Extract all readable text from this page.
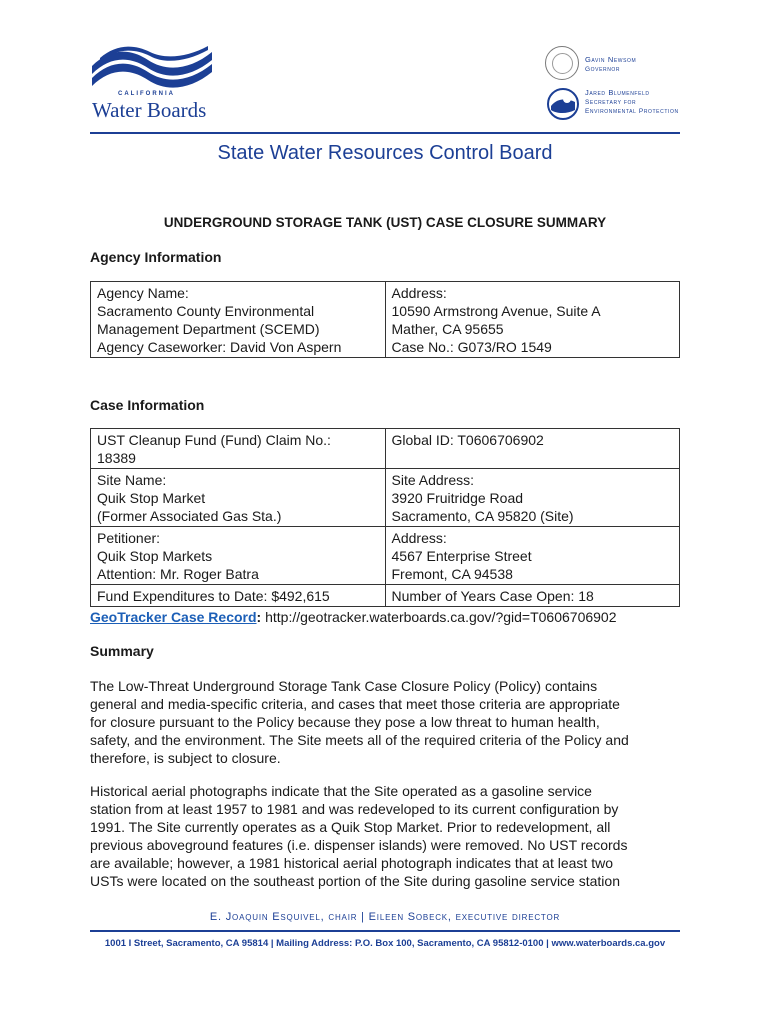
CALIFORNIA
Water Boards
Gavin Newsom
Governor
Jared Blumenfeld
Secretary for Environmental Protection
State Water Resources Control Board
UNDERGROUND STORAGE TANK (UST) CASE CLOSURE SUMMARY
Agency Information
Agency Name:
Sacramento County Environmental
Management Department (SCEMD)
Agency Caseworker: David Von Aspern

Address:
10590 Armstrong Avenue, Suite A
Mather, CA 95655
Case No.: G073/RO 1549
Case Information
UST Cleanup Fund (Fund) Claim No.:
18389	Global ID: T0606706902

Site Name:
Quik Stop Market
(Former Associated Gas Sta.)	Site Address:
3920 Fruitridge Road
Sacramento, CA 95820 (Site)

Petitioner:
Quik Stop Markets
Attention: Mr. Roger Batra	Address:
4567 Enterprise Street
Fremont, CA 94538

Fund Expenditures to Date: $492,615	Number of Years Case Open: 18
GeoTracker Case Record: http://geotracker.waterboards.ca.gov/?gid=T0606706902
Summary
The Low-Threat Underground Storage Tank Case Closure Policy (Policy) contains
general and media-specific criteria, and cases that meet those criteria are appropriate
for closure pursuant to the Policy because they pose a low threat to human health,
safety, and the environment. The Site meets all of the required criteria of the Policy and
therefore, is subject to closure.
Historical aerial photographs indicate that the Site operated as a gasoline service
station from at least 1957 to 1981 and was redeveloped to its current configuration by
1991. The Site currently operates as a Quik Stop Market. Prior to redevelopment, all
previous aboveground features (i.e. dispenser islands) were removed. No UST records
are available; however, a 1981 historical aerial photograph indicates that at least two
USTs were located on the southeast portion of the Site during gasoline service station
E. Joaquin Esquivel, chair | Eileen Sobeck, executive director
1001 I Street, Sacramento, CA 95814 | Mailing Address: P.O. Box 100, Sacramento, CA 95812-0100 | www.waterboards.ca.gov
